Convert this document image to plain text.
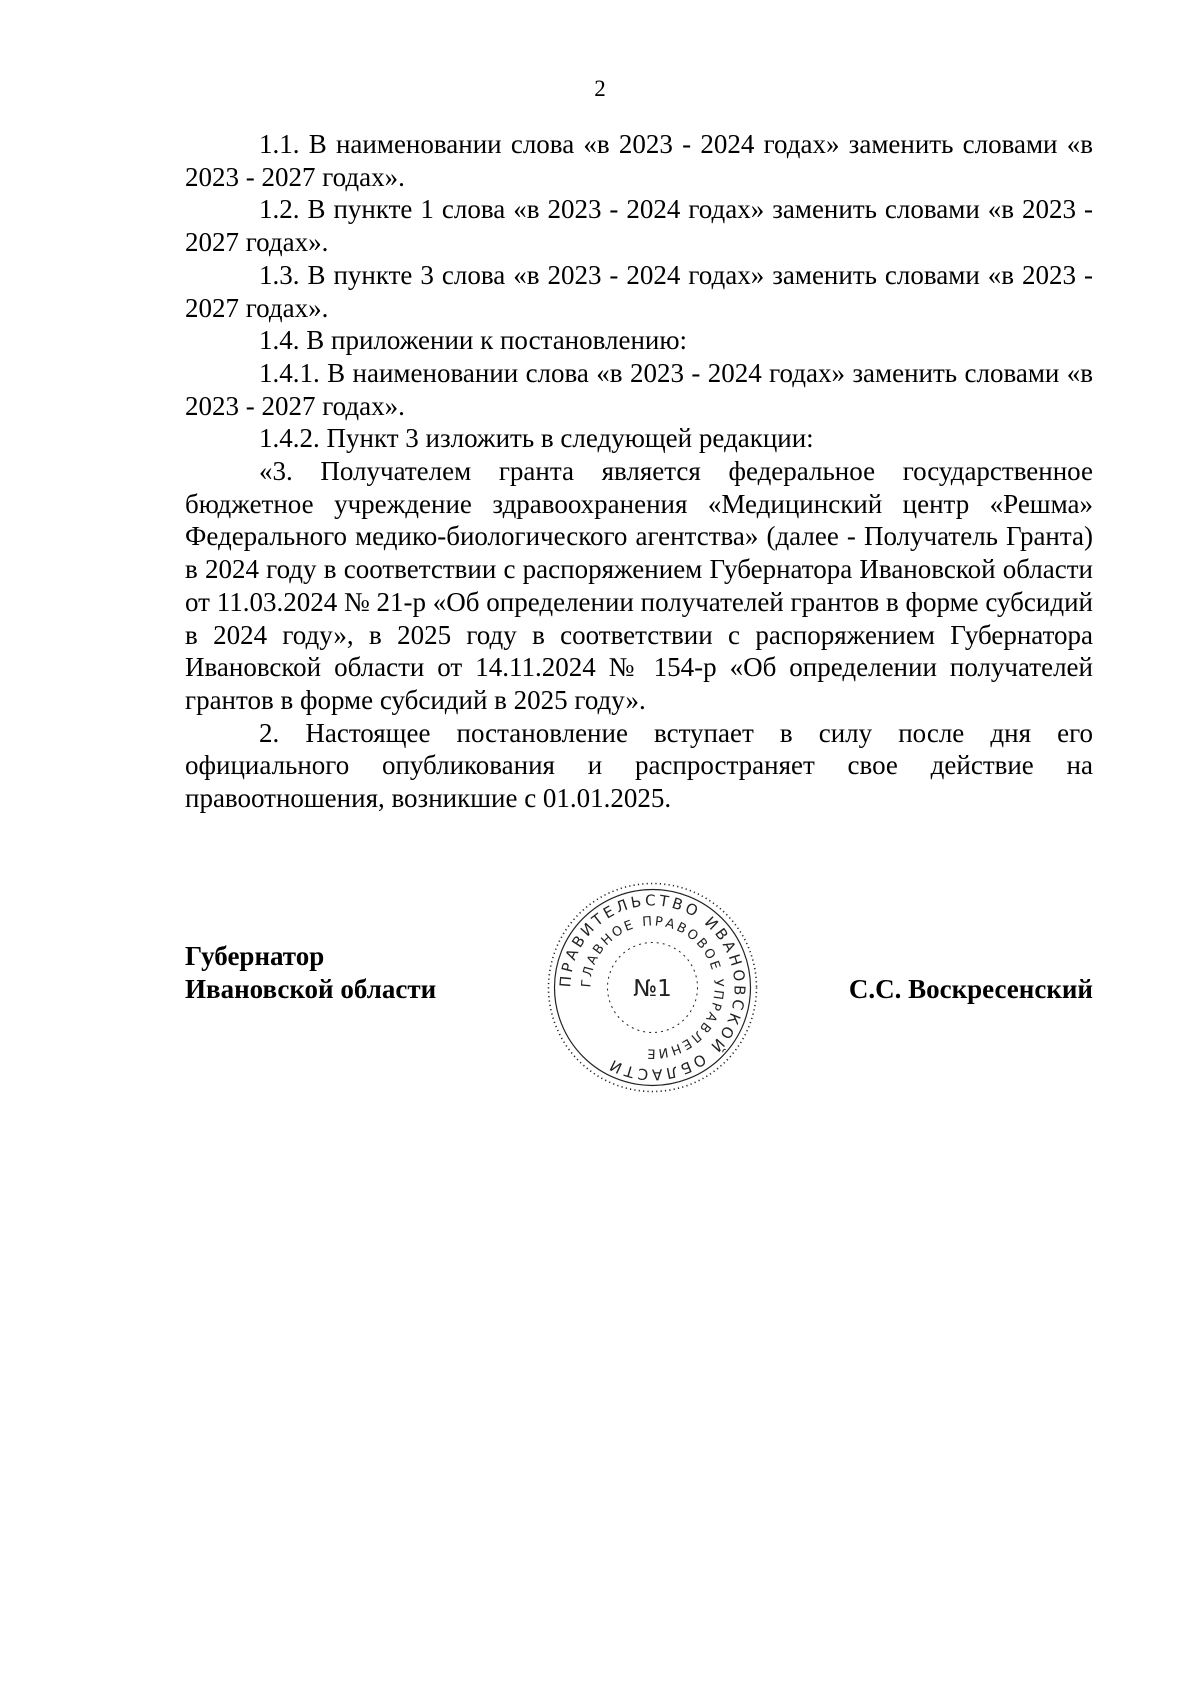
2

1.1. В наименовании слова «в 2023 - 2024 годах» заменить словами «в 2023 - 2027 годах».

1.2. В пункте 1 слова «в 2023 - 2024 годах» заменить словами «в 2023 - 2027 годах».

1.3. В пункте 3 слова «в 2023 - 2024 годах» заменить словами «в 2023 - 2027 годах».

1.4. В приложении к постановлению:

1.4.1. В наименовании слова «в 2023 - 2024 годах» заменить словами «в 2023 - 2027 годах».

1.4.2. Пункт 3 изложить в следующей редакции:

«3. Получателем гранта является федеральное государственное бюджетное учреждение здравоохранения «Медицинский центр «Решма» Федерального медико-биологического агентства» (далее - Получатель Гранта) в 2024 году в соответствии с распоряжением Губернатора Ивановской области от 11.03.2024 № 21-р «Об определении получателей грантов в форме субсидий в 2024 году», в 2025 году в соответствии с распоряжением Губернатора Ивановской области от 14.11.2024 № 154-р «Об определении получателей грантов в форме субсидий в 2025 году».

2. Настоящее постановление вступает в силу после дня его официального опубликования и распространяет свое действие на правоотношения, возникшие с 01.01.2025.

Губернатор
Ивановской области	С.С. Воскресенский
ПРАВИТЕЛЬСТВО ИВАНОВСКОЙ ОБЛАСТИ
ГЛАВНОЕ ПРАВОВОЕ УПРАВЛЕНИЕ
№1
